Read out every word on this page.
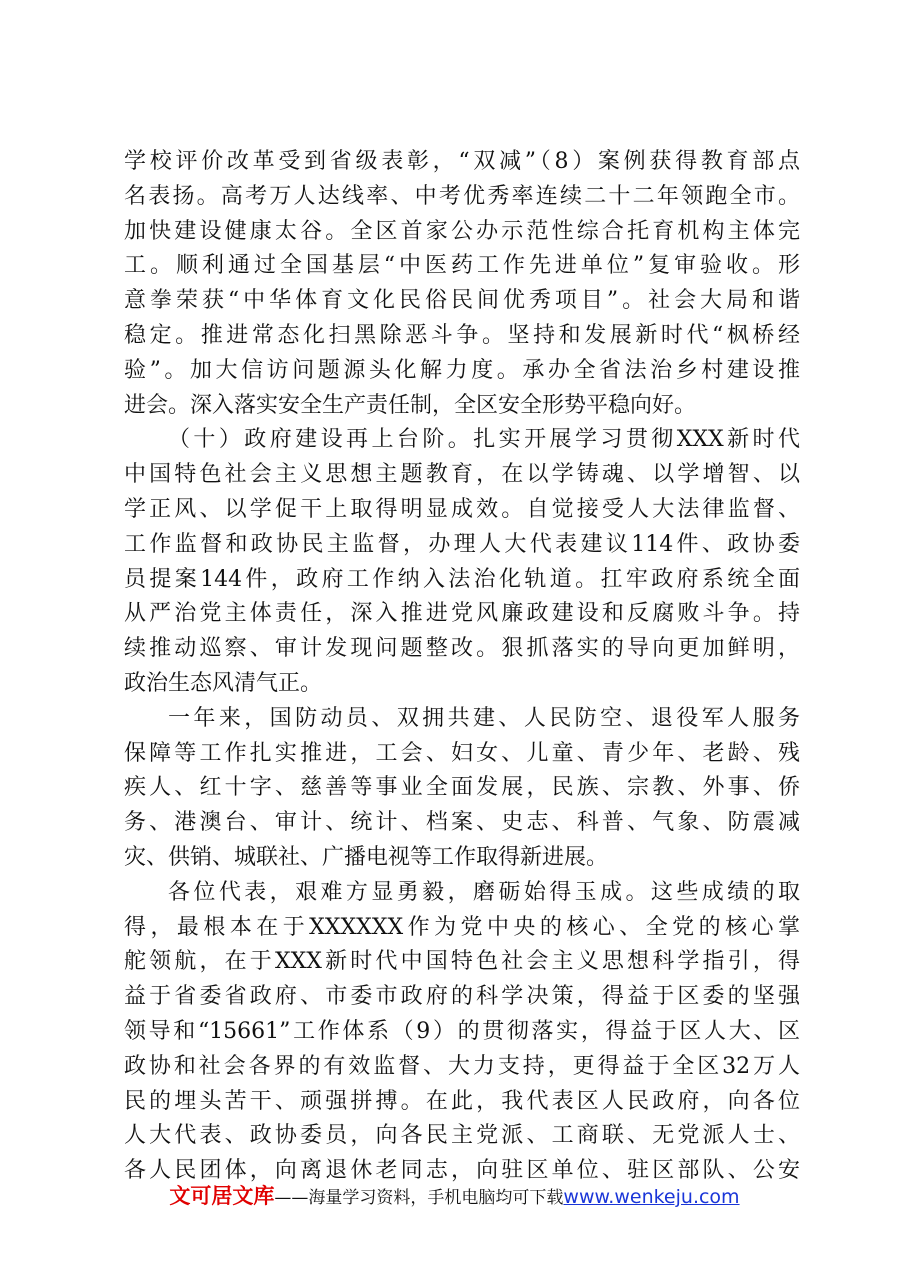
学校评价改革受到省级表彰，“双减”（8）案例获得教育部点
名表扬。高考万人达线率、中考优秀率连续二十二年领跑全市。
加快建设健康太谷。全区首家公办示范性综合托育机构主体完
工。顺利通过全国基层“中医药工作先进单位”复审验收。形
意拳荣获“中华体育文化民俗民间优秀项目”。社会大局和谐
稳定。推进常态化扫黑除恶斗争。坚持和发展新时代“枫桥经
验”。加大信访问题源头化解力度。承办全省法治乡村建设推
进会。深入落实安全生产责任制，全区安全形势平稳向好。
（十）政府建设再上台阶。扎实开展学习贯彻XXX新时代
中国特色社会主义思想主题教育，在以学铸魂、以学增智、以
学正风、以学促干上取得明显成效。自觉接受人大法律监督、
工作监督和政协民主监督，办理人大代表建议114件、政协委
员提案144件，政府工作纳入法治化轨道。扛牢政府系统全面
从严治党主体责任，深入推进党风廉政建设和反腐败斗争。持
续推动巡察、审计发现问题整改。狠抓落实的导向更加鲜明，
政治生态风清气正。
一年来，国防动员、双拥共建、人民防空、退役军人服务
保障等工作扎实推进，工会、妇女、儿童、青少年、老龄、残
疾人、红十字、慈善等事业全面发展，民族、宗教、外事、侨
务、港澳台、审计、统计、档案、史志、科普、气象、防震减
灾、供销、城联社、广播电视等工作取得新进展。
各位代表，艰难方显勇毅，磨砺始得玉成。这些成绩的取
得，最根本在于XXXXXX作为党中央的核心、全党的核心掌
舵领航，在于XXX新时代中国特色社会主义思想科学指引，得
益于省委省政府、市委市政府的科学决策，得益于区委的坚强
领导和“15661”工作体系（9）的贯彻落实，得益于区人大、区
政协和社会各界的有效监督、大力支持，更得益于全区32万人
民的埋头苦干、顽强拼搏。在此，我代表区人民政府，向各位
人大代表、政协委员，向各民主党派、工商联、无党派人士、
各人民团体，向离退休老同志，向驻区单位、驻区部队、公安
文可居文库——海量学习资料，手机电脑均可下载www.wenkeju.com
